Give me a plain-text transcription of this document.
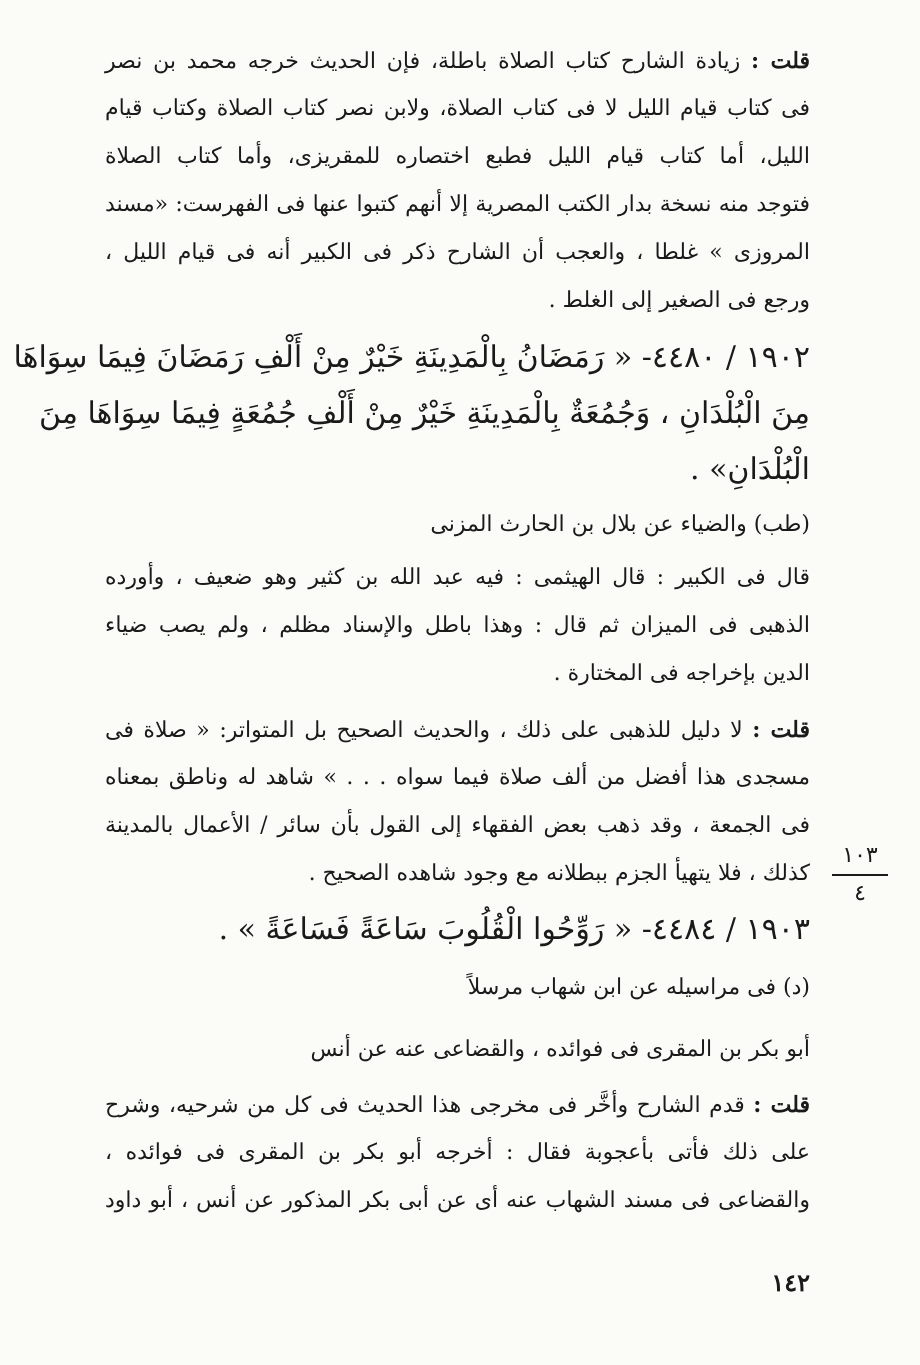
قلت : زيادة الشارح كتاب الصلاة باطلة، فإن الحديث خرجه محمد بن نصر
فى كتاب قيام الليل لا فى كتاب الصلاة، ولابن نصر كتاب الصلاة وكتاب قيام
الليل، أما كتاب قيام الليل فطبع اختصاره للمقريزى، وأما كتاب الصلاة
فتوجد منه نسخة بدار الكتب المصرية إلا أنهم كتبوا عنها فى الفهرست: «مسند
المروزى » غلطا ، والعجب أن الشارح ذكر فى الكبير أنه فى قيام الليل ،
ورجع فى الصغير إلى الغلط .
١٩٠٢ / ٤٤٨٠- « رَمَضَانُ بِالْمَدِينَةِ خَيْرٌ مِنْ أَلْفِ رَمَضَانَ فِيمَا سِوَاهَا
مِنَ الْبُلْدَانِ ، وَجُمُعَةٌ بِالْمَدِينَةِ خَيْرٌ مِنْ أَلْفِ جُمُعَةٍ فِيمَا سِوَاهَا مِنَ
الْبُلْدَانِ» .
(طب) والضياء عن بلال بن الحارث المزنى
قال فى الكبير : قال الهيثمى : فيه عبد الله بن كثير وهو ضعيف ، وأورده
الذهبى فى الميزان ثم قال : وهذا باطل والإسناد مظلم ، ولم يصب ضياء
الدين بإخراجه فى المختارة .
قلت : لا دليل للذهبى على ذلك ، والحديث الصحيح بل المتواتر: « صلاة فى
مسجدى هذا أفضل من ألف صلاة فيما سواه . . . » شاهد له وناطق بمعناه
فى الجمعة ، وقد ذهب بعض الفقهاء إلى القول بأن سائر / الأعمال بالمدينة
كذلك ، فلا يتهيأ الجزم ببطلانه مع وجود شاهده الصحيح .
١٩٠٣ / ٤٤٨٤- « رَوِّحُوا الْقُلُوبَ سَاعَةً فَسَاعَةً » .
(د) فى مراسيله عن ابن شهاب مرسلاً
أبو بكر بن المقرى فى فوائده ، والقضاعى عنه عن أنس
قلت : قدم الشارح وأخَّر فى مخرجى هذا الحديث فى كل من شرحيه، وشرح
على ذلك فأتى بأعجوبة فقال : أخرجه أبو بكر بن المقرى فى فوائده ،
والقضاعى فى مسند الشهاب عنه أى عن أبى بكر المذكور عن أنس ، أبو داود
١٠٣
٤
١٤٢
